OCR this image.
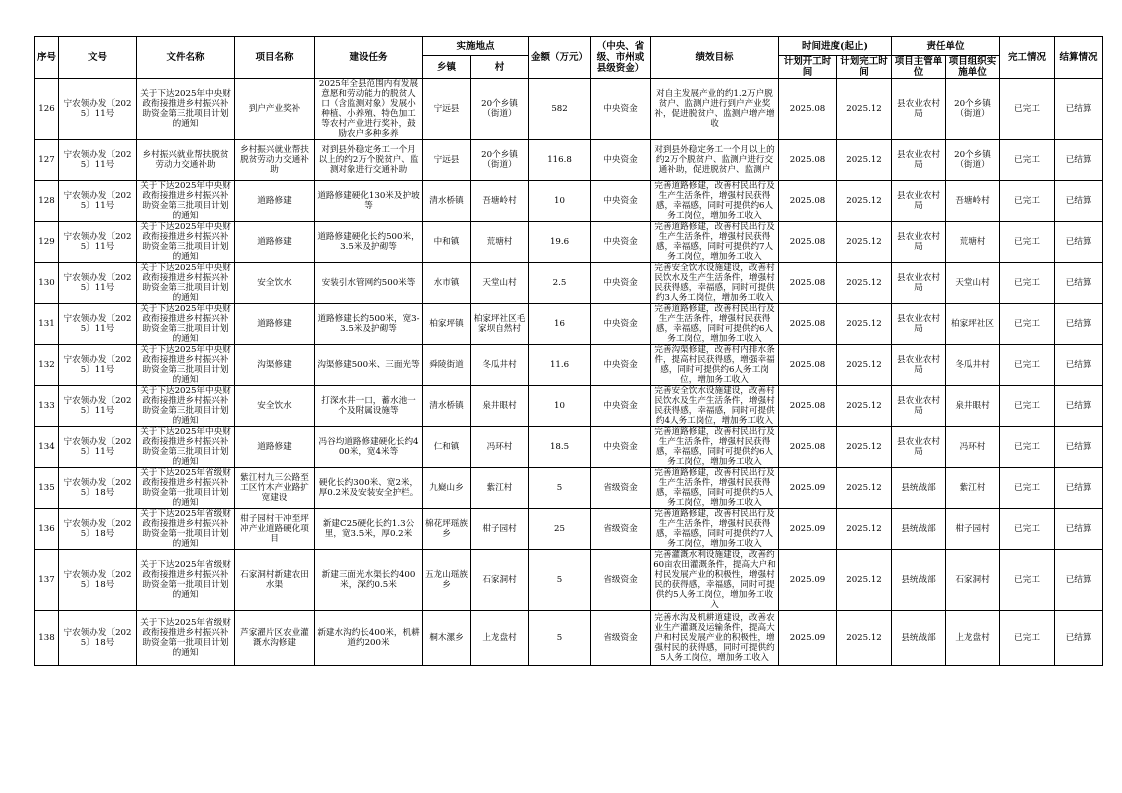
序号	文号	文件名称	项目名称	建设任务	实施地点		金额（万元）	（中央、省级、市州或县级资金）	绩效目标	时间进度(起止)		责任单位		完工情况	结算情况
					乡镇	村				计划开工时间	计划完工时间	项目主管单位	项目组织实施单位		
126	宁农领办发〔2025〕11号	关于下达2025年中央财政衔接推进乡村振兴补助资金第三批项目计划的通知	到户产业奖补	2025年全县范围内有发展意愿和劳动能力的脱贫人口（含监测对象）发展小种植、小养殖、特色加工等农村产业进行奖补，鼓励农户多种多养	宁远县	20个乡镇（街道）	582	中央资金	对自主发展产业的约1.2万户脱贫户、监测户进行到户产业奖补，促进脱贫户、监测户增产增收	2025.08	2025.12	县农业农村局	20个乡镇（街道）	已完工	已结算
127	宁农领办发〔2025〕11号	乡村振兴就业帮扶脱贫劳动力交通补助	乡村振兴就业帮扶脱贫劳动力交通补助	对到县外稳定务工一个月以上的约2万个脱贫户、监测对象进行交通补助	宁远县	20个乡镇（街道）	116.8	中央资金	对到县外稳定务工一个月以上的约2万个脱贫户、监测户进行交通补助，促进脱贫户、监测户	2025.08	2025.12	县农业农村局	20个乡镇（街道）	已完工	已结算
128	宁农领办发〔2025〕11号	关于下达2025年中央财政衔接推进乡村振兴补助资金第三批项目计划的通知	道路修建	道路修建硬化130米及护坡等	清水桥镇	吾塘岭村	10	中央资金	完善道路修建，改善村民出行及生产生活条件，增强村民获得感，幸福感，同时可提供约6人务工岗位，增加务工收入	2025.08	2025.12	县农业农村局	吾塘岭村	已完工	已结算
129	宁农领办发〔2025〕11号	关于下达2025年中央财政衔接推进乡村振兴补助资金第三批项目计划的通知	道路修建	道路修建硬化长约500米，3.5米及护砌等	中和镇	荒塘村	19.6	中央资金	完善道路修建，改善村民出行及生产生活条件，增强村民获得感，幸福感，同时可提供约7人务工岗位，增加务工收入	2025.08	2025.12	县农业农村局	荒塘村	已完工	已结算
130	宁农领办发〔2025〕11号	关于下达2025年中央财政衔接推进乡村振兴补助资金第三批项目计划的通知	安全饮水	安装引水管网约500米等	水市镇	天堂山村	2.5	中央资金	完善安全饮水设施建设，改善村民饮水及生产生活条件，增强村民获得感，幸福感，同时可提供约3人务工岗位，增加务工收入	2025.08	2025.12	县农业农村局	天堂山村	已完工	已结算
131	宁农领办发〔2025〕11号	关于下达2025年中央财政衔接推进乡村振兴补助资金第三批项目计划的通知	道路修建	道路修建长约500米，宽3-3.5米及护砌等	柏家坪镇	柏家坪社区毛家坝自然村	16	中央资金	完善道路修建，改善村民出行及生产生活条件，增强村民获得感，幸福感，同时可提供约6人务工岗位，增加务工收入	2025.08	2025.12	县农业农村局	柏家坪社区	已完工	已结算
132	宁农领办发〔2025〕11号	关于下达2025年中央财政衔接推进乡村振兴补助资金第三批项目计划的通知	沟渠修建	沟渠修建500米、三面光等	舜陵街道	冬瓜井村	11.6	中央资金	完善沟渠修建，改善村内排水条件，提高村民获得感，增强幸福感，同时可提供约6人务工岗位，增加务工收入	2025.08	2025.12	县农业农村局	冬瓜井村	已完工	已结算
133	宁农领办发〔2025〕11号	关于下达2025年中央财政衔接推进乡村振兴补助资金第三批项目计划的通知	安全饮水	打深水井一口，蓄水池一个及附属设施等	清水桥镇	泉井眼村	10	中央资金	完善安全饮水设施建设，改善村民饮水及生产生活条件，增强村民获得感，幸福感，同时可提供约4人务工岗位，增加务工收入	2025.08	2025.12	县农业农村局	泉井眼村	已完工	已结算
134	宁农领办发〔2025〕11号	关于下达2025年中央财政衔接推进乡村振兴补助资金第三批项目计划的通知	道路修建	冯谷均道路修建硬化长约400米，宽4米等	仁和镇	冯环村	18.5	中央资金	完善道路修建，改善村民出行及生产生活条件，增强村民获得感，幸福感，同时可提供约6人务工岗位，增加务工收入	2025.08	2025.12	县农业农村局	冯环村	已完工	已结算
135	宁农领办发〔2025〕18号	关于下达2025年省级财政衔接推进乡村振兴补助资金第一批项目计划的通知	紫江村九三公路至工区竹木产业路扩宽建设	硬化长约300米、宽2米，厚0.2米及安装安全护栏。	九嶷山乡	紫江村	5	省级资金	完善道路修建，改善村民出行及生产生活条件，增强村民获得感，幸福感，同时可提供约5人务工岗位，增加务工收入	2025.09	2025.12	县统战部	紫江村	已完工	已结算
136	宁农领办发〔2025〕18号	关于下达2025年省级财政衔接推进乡村振兴补助资金第一批项目计划的通知	柑子园村干冲至坪冲产业道路硬化项目	新建C25硬化长约1.3公里，宽3.5米，厚0.2米	棉花坪瑶族乡	柑子园村	25	省级资金	完善道路修建，改善村民出行及生产生活条件，增强村民获得感，幸福感，同时可提供约7人务工岗位，增加务工收入	2025.09	2025.12	县统战部	柑子园村	已完工	已结算
137	宁农领办发〔2025〕18号	关于下达2025年省级财政衔接推进乡村振兴补助资金第一批项目计划的通知	石家洞村新建农田水渠	新建三面光水渠长约400米，深约0.5米	五龙山瑶族乡	石家洞村	5	省级资金	完善灌溉水利设施建设，改善约60亩农田灌溉条件，提高大户和村民发展产业的积极性，增强村民的获得感，幸福感，同时可提供约5人务工岗位，增加务工收入	2025.09	2025.12	县统战部	石家洞村	已完工	已结算
138	宁农领办发〔2025〕18号	关于下达2025年省级财政衔接推进乡村振兴补助资金第一批项目计划的通知	芦家濯片区农业灌溉水沟修建	新建水沟约长400米，机耕道约200米	桐木漯乡	上龙盘村	5	省级资金	完善水沟及机耕道建设，改善农业生产灌溉及运输条件，提高大户和村民发展产业的积极性，增强村民的获得感，同时可提供约5人务工岗位，增加务工收入	2025.09	2025.12	县统战部	上龙盘村	已完工	已结算
